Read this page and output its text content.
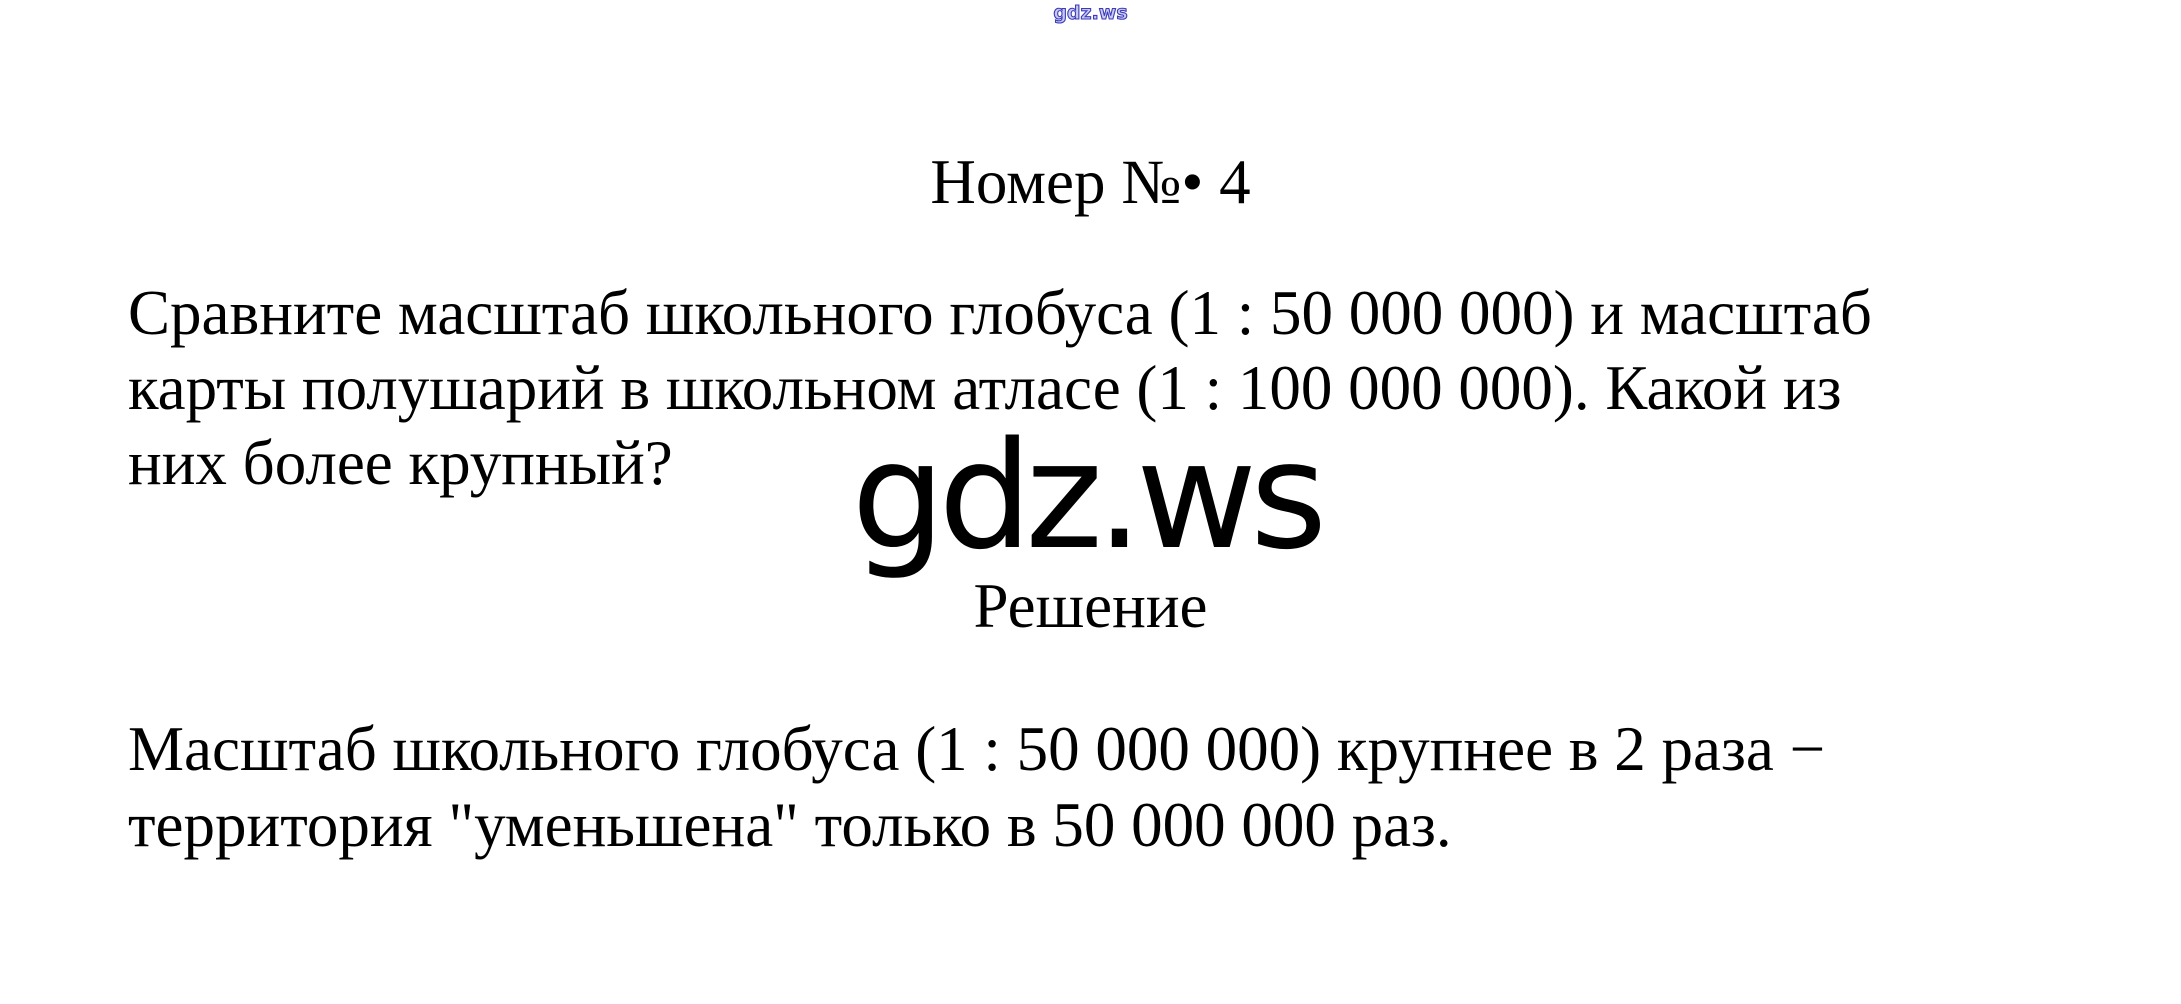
gdz.ws
Номер №• 4
Сравните масштаб школьного глобуса (1 : 50 000 000) и масштаб
карты полушарий в школьном атласе (1 : 100 000 000). Какой из
них более крупный?	gdz.ws
Решение
Масштаб школьного глобуса (1 : 50 000 000) крупнее в 2 раза −
территория "уменьшена" только в 50 000 000 раз.
